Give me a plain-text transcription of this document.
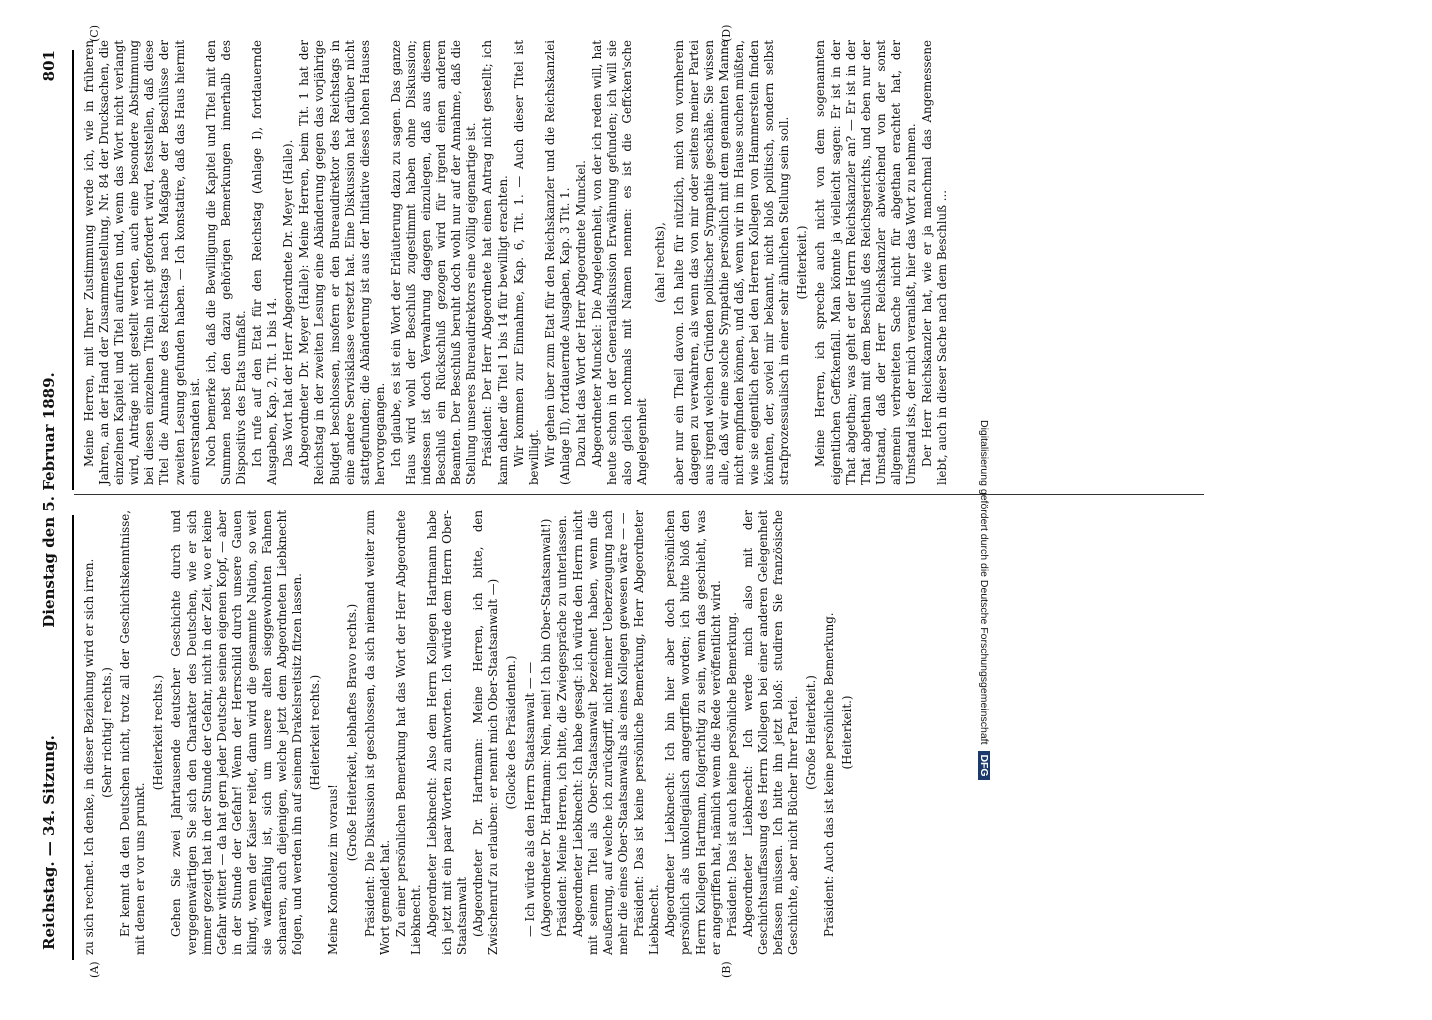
Reichstag. — 34. Sitzung.
Dienstag den 5. Februar 1889.
801
(A)	(B)
(C)	(D)

zu sich rechnet. Ich denke, in dieser Beziehung wird er sich irren. (Sehr richtig! rechts.) Er kennt da den Deutschen nicht, trotz all der Geschichtskenntnisse, mit denen er vor uns prunkt.

(Heiterkeit rechts.) Gehen Sie zwei Jahrtausende deutscher Geschichte durch und vergegenwärtigen Sie sich den Charakter des Deutschen, wie er sich immer gezeigt hat in der Stunde der Gefahr, nicht in der Zeit, wo er keine Gefahr wittert — da hat gern jeder Deutsche seinen eigenen Kopf, — aber in der Stunde der Gefahr! Wenn der Herrschild durch unsere Gauen klingt, wenn der Kaiser reitet, dann wird die gesammte Nation, so weit sie waffenfähig ist, sich um unsere alten sieggewohnten Fahnen schaaren, auch diejenigen, welche jetzt dem Abgeordneten Liebknecht folgen, und werden ihn auf seinem Drakelsreitsitz fitzen lassen. (Heiterkeit rechts.)

Meine Kondolenz im voraus!

(Große Heiterkeit, lebhaftes Bravo rechts.) Präsident: Die Diskussion ist geschlossen, da sich niemand weiter zum Wort gemeldet hat. Zu einer persönlichen Bemerkung hat das Wort der Herr Abgeordnete Liebknecht. Abgeordneter Liebknecht: Also dem Herrn Kollegen Hartmann habe ich jetzt mit ein paar Worten zu antworten. Ich würde dem Herrn Ober-Staatsanwalt (Abgeordneter Dr. Hartmann: Meine Herren, ich bitte, den Zwischenruf zu erlauben: er nennt mich Ober-Staatsanwalt —) (Glocke des Präsidenten.) — Ich würde als den Herrn Staatsanwalt — — (Abgeordneter Dr. Hartmann: Nein, nein! Ich bin Ober-Staatsanwalt!) Präsident: Meine Herren, ich bitte, die Zwiegespräche zu unterlassen. Abgeordneter Liebknecht: Ich habe gesagt: ich würde den Herrn nicht mit seinem Titel als Ober-Staatsanwalt bezeichnet haben, wenn die Aeußerung, auf welche ich zurückgriff, nicht meiner Ueberzeugung nach mehr die eines Ober-Staatsanwalts als eines Kollegen gewesen wäre — — Präsident: Das ist keine persönliche Bemerkung, Herr Abgeordneter Liebknecht. Abgeordneter Liebknecht: Ich bin hier aber doch persönlichen persönlich als unkollegialisch angegriffen worden; ich bitte bloß den Herrn Kollegen Hartmann, folgerichtig zu sein, wenn das geschieht, was er angegriffen hat, nämlich wenn die Rede veröffentlicht wird. Präsident: Das ist auch keine persönliche Bemerkung. Abgeordneter Liebknecht: Ich werde mich also mit der Geschichtsauffassung des Herrn Kollegen bei einer anderen Gelegenheit befassen müssen. Ich bitte ihn jetzt bloß: studiren Sie französische Geschichte, aber nicht Bücher Ihrer Partei. (Große Heiterkeit.) Präsident: Auch das ist keine persönliche Bemerkung. (Heiterkeit.)

Meine Herren, mit Ihrer Zustimmung werde ich, wie in früheren Jahren, an der Hand der Zusammenstellung, Nr. 84 der Drucksachen, die einzelnen Kapitel und Titel aufrufen und, wenn das Wort nicht verlangt wird, Anträge nicht gestellt werden, auch eine besondere Abstimmung bei diesen einzelnen Titeln nicht gefordert wird, feststellen, daß diese Titel die Annahme des Reichstags nach Maßgabe der Beschlüsse der zweiten Lesung gefunden haben. — Ich konstatire, daß das Haus hiermit einverstanden ist. Noch bemerke ich, daß die Bewilligung die Kapitel und Titel mit den Summen nebst den dazu gehörigen Bemerkungen innerhalb des Dispositivs des Etats umfaßt. Ich rufe auf den Etat für den Reichstag (Anlage I), fortdauernde Ausgaben, Kap. 2, Tit. 1 bis 14. Das Wort hat der Herr Abgeordnete Dr. Meyer (Halle). Abgeordneter Dr. Meyer (Halle): Meine Herren, beim Tit. 1 hat der Reichstag in der zweiten Lesung eine Abänderung gegen das vorjährige Budget beschlossen, insofern er den Bureaudirektor des Reichstags in eine andere Servisklasse versetzt hat. Eine Diskussion hat darüber nicht stattgefunden; die Abänderung ist aus der Initiative dieses hohen Hauses hervorgegangen. Ich glaube, es ist ein Wort der Erläuterung dazu zu sagen. Das ganze Haus wird wohl der Beschluß zugestimmt haben ohne Diskussion; indessen ist doch Verwahrung dagegen einzulegen, daß aus diesem Beschluß ein Rückschluß gezogen wird für irgend einen anderen Beamten. Der Beschluß beruht doch wohl nur auf der Annahme, daß die Stellung unseres Bureaudirektors eine völlig eigenartige ist. Präsident: Der Herr Abgeordnete hat einen Antrag nicht gestellt; ich kann daher die Titel 1 bis 14 für bewilligt erachten. Wir kommen zur Einnahme, Kap. 6, Tit. 1. — Auch dieser Titel ist bewilligt. Wir gehen über zum Etat für den Reichskanzler und die Reichskanzlei (Anlage II), fortdauernde Ausgaben, Kap. 3 Tit. 1. Dazu hat das Wort der Herr Abgeordnete Munckel. Abgeordneter Munckel: Die Angelegenheit, von der ich reden will, hat heute schon in der Generaldiskussion Erwähnung gefunden; ich will sie also gleich nochmals mit Namen nennen: es ist die Geffcken'sche Angelegenheit

(aha! rechts), aber nur ein Theil davon. Ich halte für nützlich, mich von vornherein dagegen zu verwahren, als wenn das von mir oder seitens meiner Partei aus irgend welchen Gründen politischer Sympathie geschähe. Sie wissen alle, daß wir eine solche Sympathie persönlich mit dem genannten Manne nicht empfinden können, und daß, wenn wir in im Hause suchen müßten, wie sie eigentlich eher bei den Herren Kollegen von Hammerstein finden könnten, der, soviel mir bekannt, nicht bloß politisch, sondern selbst strafprozessualisch in einer sehr ähnlichen Stellung sein soll. (Heiterkeit.) Meine Herren, ich spreche auch nicht von dem sogenannten eigentlichen Geffckenfall. Man könnte ja vielleicht sagen: Er ist in der That abgethan; was geht er der Herrn Reichskanzler an? — Er ist in der That abgethan mit dem Beschluß des Reichsgerichts, und eben nur der Umstand, daß der Herr Reichskanzler abweichend von der sonst allgemein verbreiteten Sache nicht für abgethan erachtet hat, der Umstand ists, der mich veranlaßt, hier das Wort zu nehmen. Der Herr Reichskanzler hat, wie er ja manchmal das Angemessene liebt, auch in dieser Sache nach dem Beschluß ...

Digitalisierung gefördert durch die Deutsche Forschungsgemeinschaft DFG
